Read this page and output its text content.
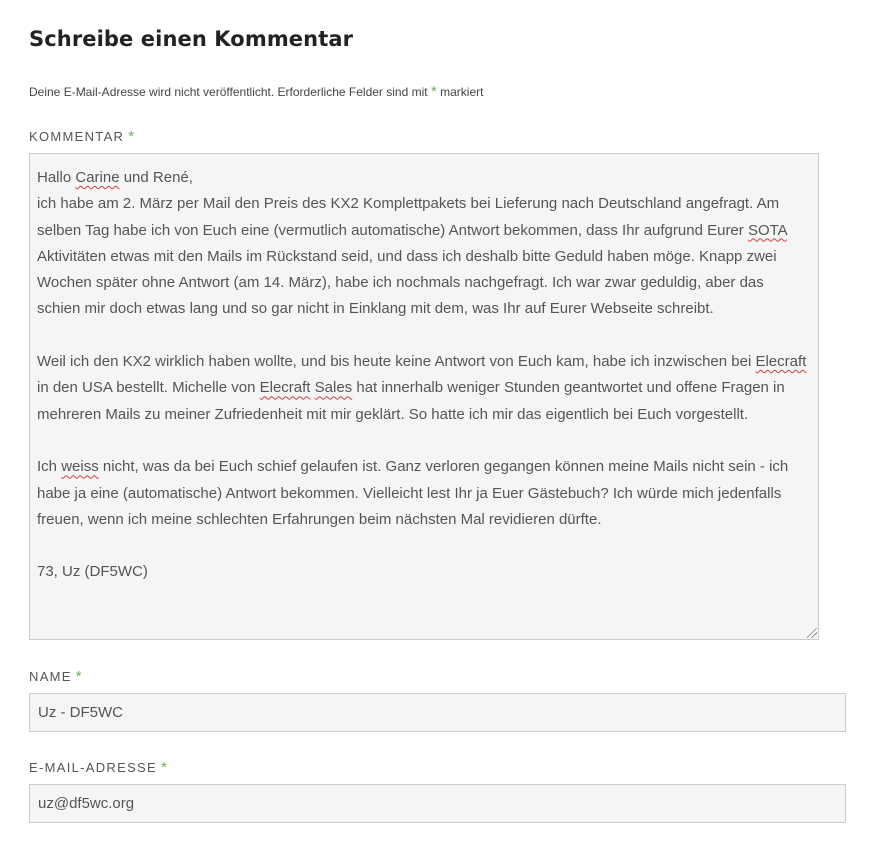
Schreibe einen Kommentar

Deine E-Mail-Adresse wird nicht veröffentlicht. Erforderliche Felder sind mit * markiert

KOMMENTAR *

Hallo Carine und René,

ich habe am 2. März per Mail den Preis des KX2 Komplettpakets bei Lieferung nach Deutschland angefragt. Am selben Tag habe ich von Euch eine (vermutlich automatische) Antwort bekommen, dass Ihr aufgrund Eurer SOTA Aktivitäten etwas mit den Mails im Rückstand seid, und dass ich deshalb bitte Geduld haben möge. Knapp zwei Wochen später ohne Antwort (am 14. März), habe ich nochmals nachgefragt. Ich war zwar geduldig, aber das schien mir doch etwas lang und so gar nicht in Einklang mit dem, was Ihr auf Eurer Webseite schreibt.

Weil ich den KX2 wirklich haben wollte, und bis heute keine Antwort von Euch kam, habe ich inzwischen bei Elecraft in den USA bestellt. Michelle von Elecraft Sales hat innerhalb weniger Stunden geantwortet und offene Fragen in mehreren Mails zu meiner Zufriedenheit mit mir geklärt. So hatte ich mir das eigentlich bei Euch vorgestellt.

Ich weiss nicht, was da bei Euch schief gelaufen ist. Ganz verloren gegangen können meine Mails nicht sein - ich habe ja eine (automatische) Antwort bekommen. Vielleicht lest Ihr ja Euer Gästebuch? Ich würde mich jedenfalls freuen, wenn ich meine schlechten Erfahrungen beim nächsten Mal revidieren dürfte.

73, Uz (DF5WC)

NAME *
Uz - DF5WC
E-MAIL-ADRESSE *
uz@df5wc.org
